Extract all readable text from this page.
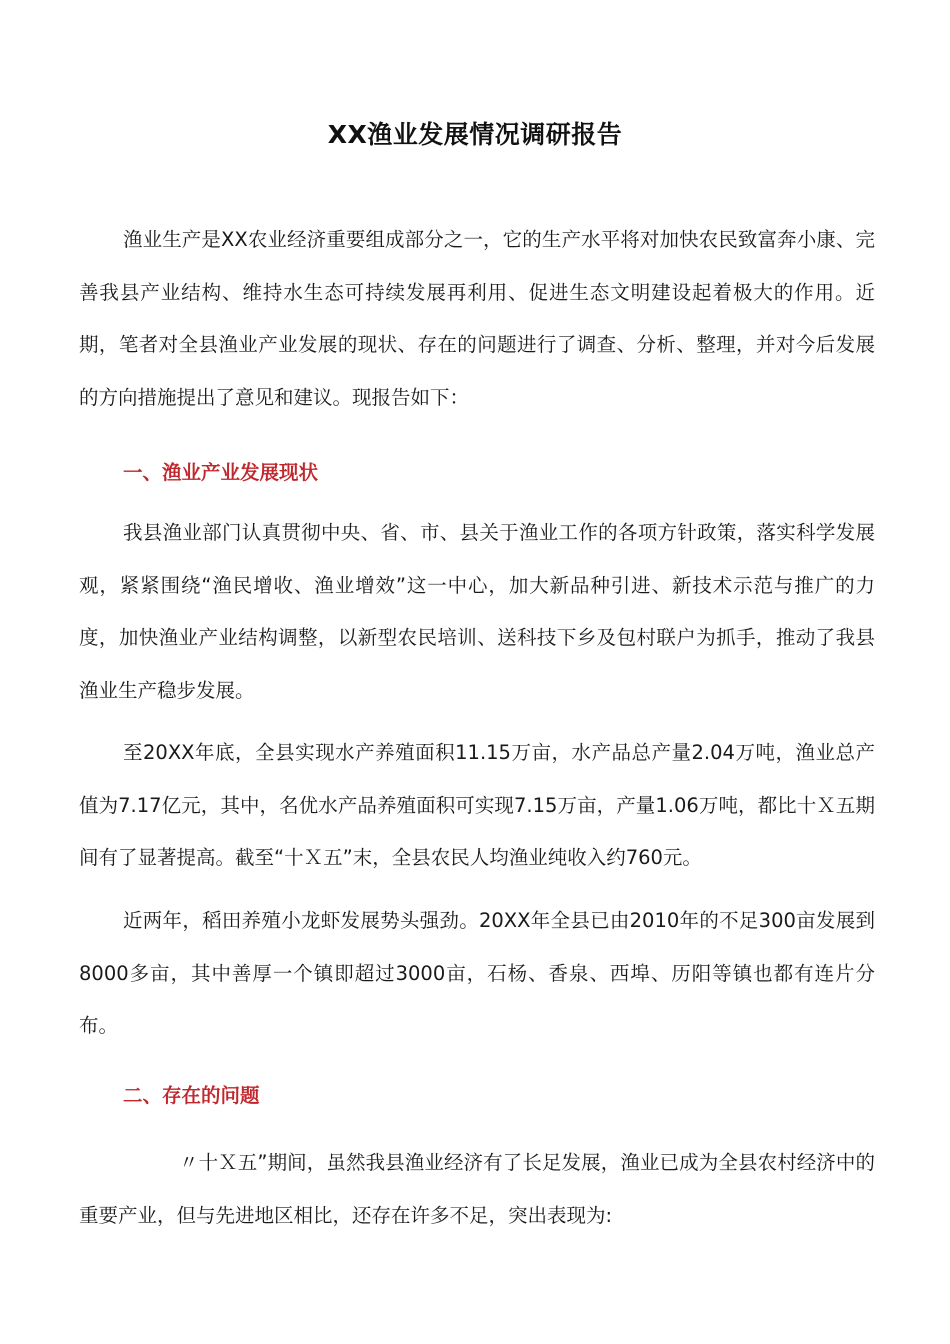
XX渔业发展情况调研报告

渔业生产是XX农业经济重要组成部分之一，它的生产水平将对加快农民致富奔小康、完善我县产业结构、维持水生态可持续发展再利用、促进生态文明建设起着极大的作用。近期，笔者对全县渔业产业发展的现状、存在的问题进行了调查、分析、整理，并对今后发展的方向措施提出了意见和建议。现报告如下：

一、渔业产业发展现状

我县渔业部门认真贯彻中央、省、市、县关于渔业工作的各项方针政策，落实科学发展观，紧紧围绕“渔民增收、渔业增效”这一中心，加大新品种引进、新技术示范与推广的力度，加快渔业产业结构调整，以新型农民培训、送科技下乡及包村联户为抓手，推动了我县渔业生产稳步发展。

至20XX年底，全县实现水产养殖面积11.15万亩，水产品总产量2.04万吨，渔业总产值为7.17亿元，其中，名优水产品养殖面积可实现7.15万亩，产量1.06万吨，都比十Ｘ五期间有了显著提高。截至“十Ｘ五”末，全县农民人均渔业纯收入约760元。

近两年，稻田养殖小龙虾发展势头强劲。20XX年全县已由2010年的不足300亩发展到8000多亩，其中善厚一个镇即超过3000亩，石杨、香泉、西埠、历阳等镇也都有连片分布。

二、存在的问题

〃十Ｘ五”期间，虽然我县渔业经济有了长足发展，渔业已成为全县农村经济中的重要产业，但与先进地区相比，还存在许多不足，突出表现为:
